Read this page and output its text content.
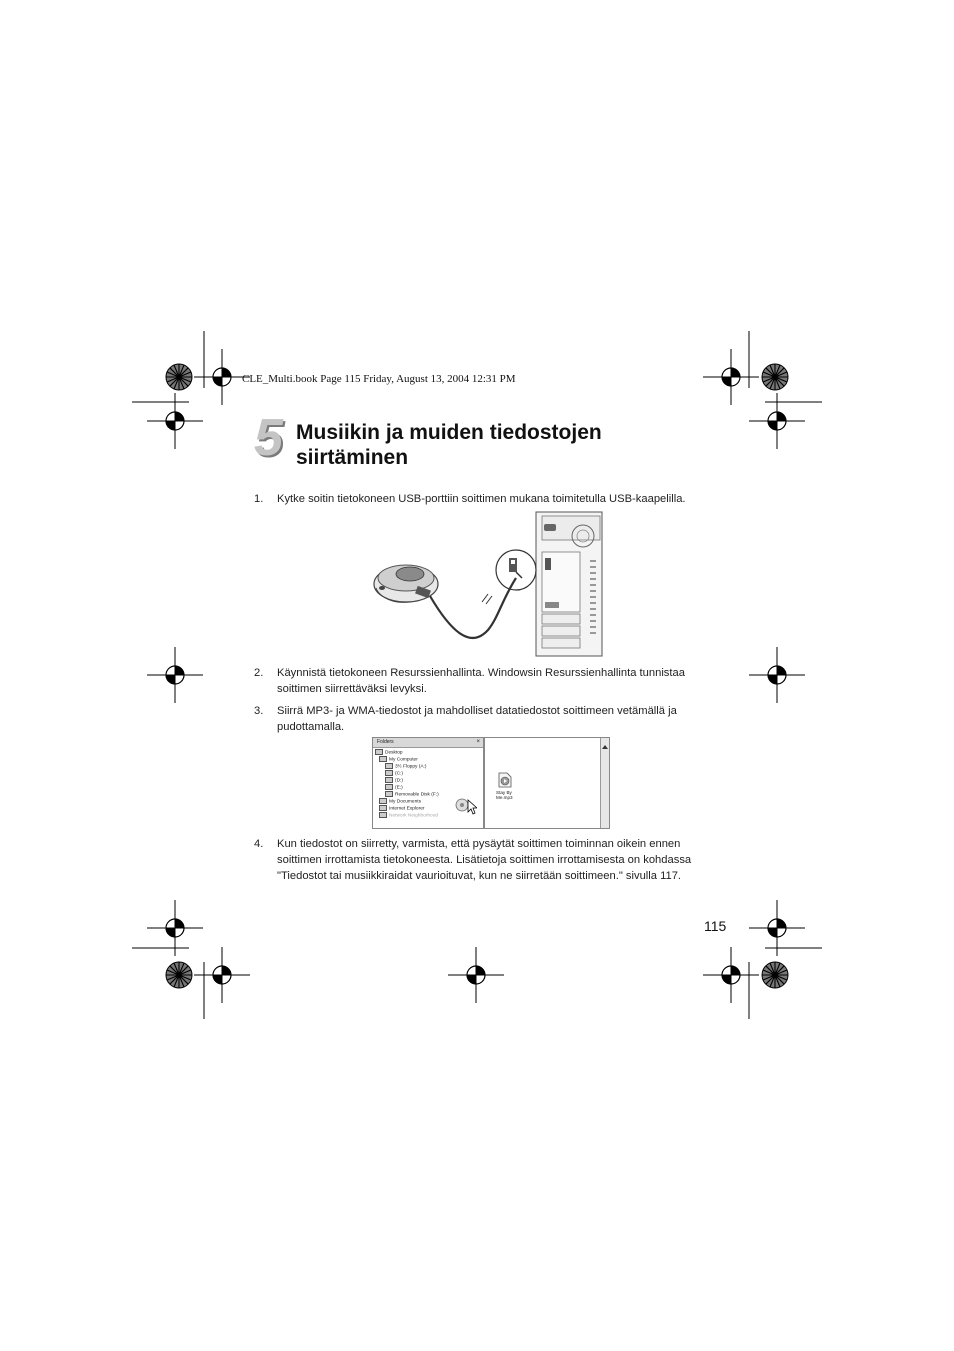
CLE_Multi.book Page 115 Friday, August 13, 2004 12:31 PM
5 Musiikin ja muiden tiedostojen
siirtäminen
1. Kytke soitin tietokoneen USB-porttiin soittimen mukana toimitetulla USB-kaapelilla.
2. Käynnistä tietokoneen Resurssienhallinta. Windowsin Resurssienhallinta tunnistaa soittimen siirrettäväksi levyksi.
3. Siirrä MP3- ja WMA-tiedostot ja mahdolliset datatiedostot soittimeen vetämällä ja pudottamalla.
Folders	×
Desktop
My Computer
3½ Floppy (A:)
(C:)
(D:)
(E:)
Removable Disk (F:)
My Documents
Internet Explorer
Network Neighborhood
Stay By Me.mp3
4. Kun tiedostot on siirretty, varmista, että pysäytät soittimen toiminnan oikein ennen soittimen irrottamista tietokoneesta. Lisätietoja soittimen irrottamisesta on kohdassa "Tiedostot tai musiikkiraidat vaurioituvat, kun ne siirretään soittimeen." sivulla 117.
115
